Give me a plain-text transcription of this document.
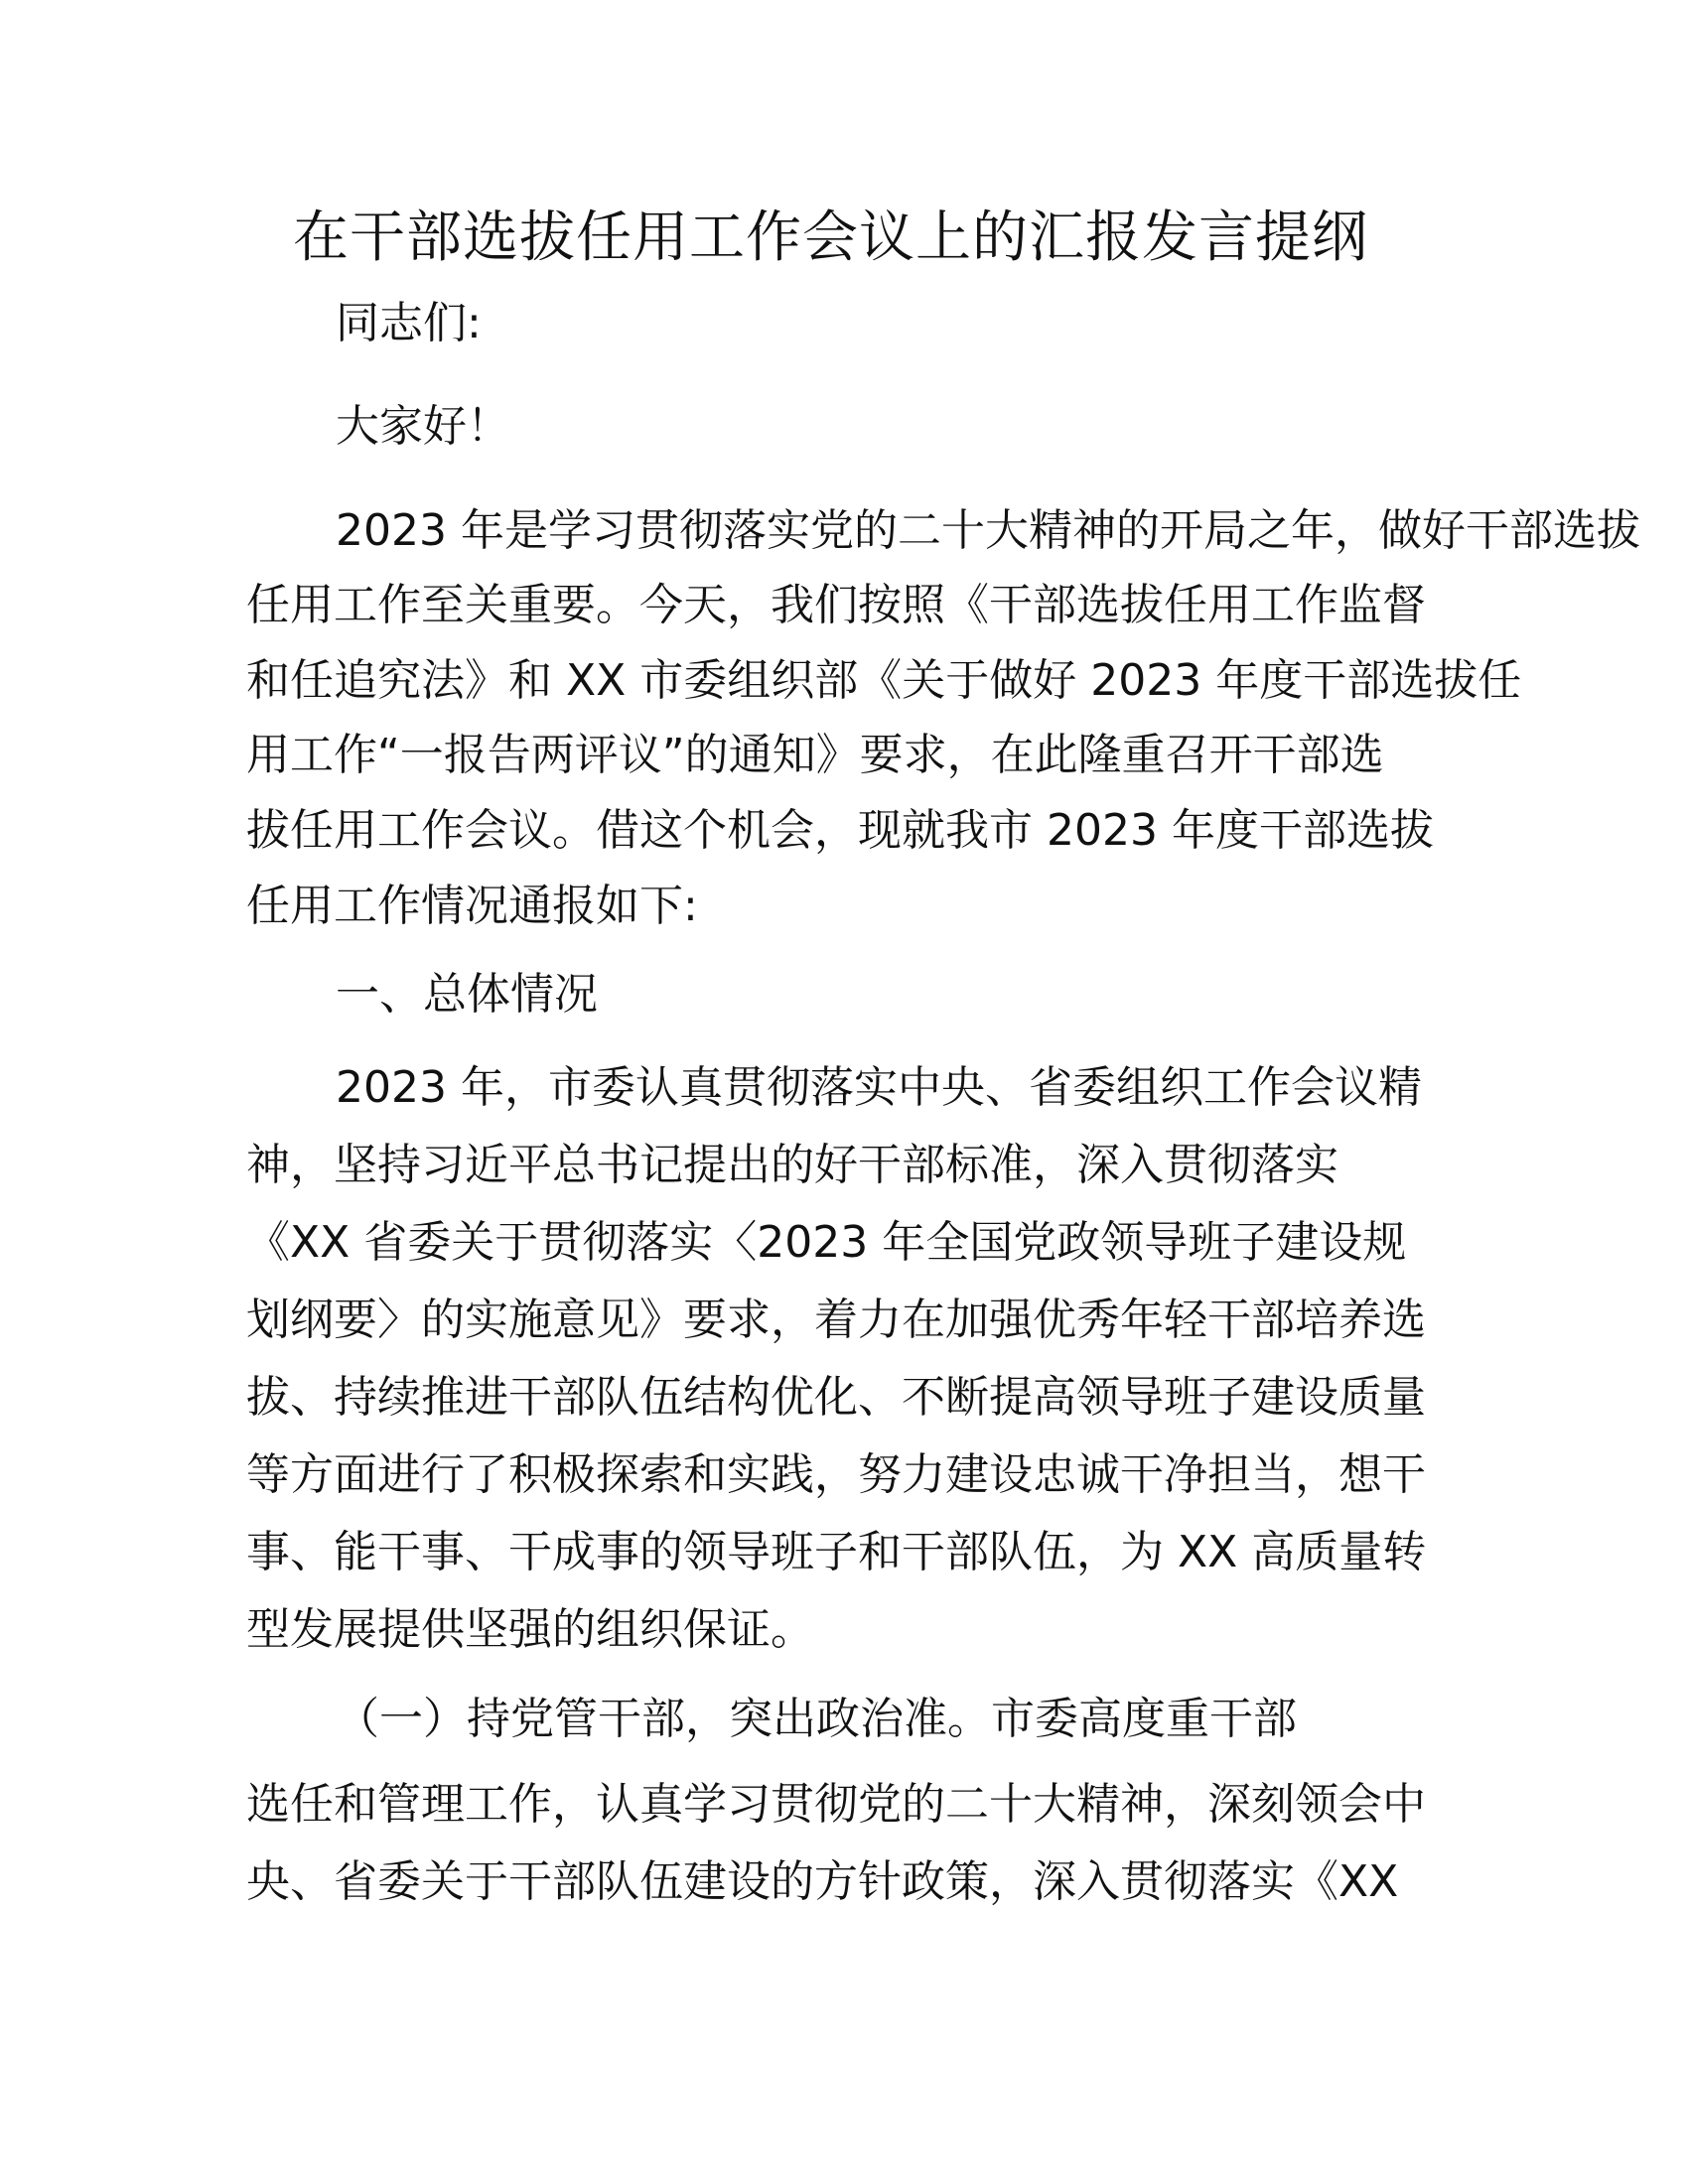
在干部选拔任用工作会议上的汇报发言提纲
同志们:
大家好！
2023 年是学习贯彻落实党的二十大精神的开局之年，做好干部选拔
任用工作至关重要。今天，我们按照《干部选拔任用工作监督
和任追究法》和 XX 市委组织部《关于做好 2023 年度干部选拔任
用工作“一报告两评议”的通知》要求，在此隆重召开干部选
拔任用工作会议。借这个机会，现就我市 2023 年度干部选拔
任用工作情况通报如下:
一、总体情况
2023 年，市委认真贯彻落实中央、省委组织工作会议精
神，坚持习近平总书记提出的好干部标准，深入贯彻落实
《XX 省委关于贯彻落实〈2023 年全国党政领导班子建设规
划纲要〉的实施意见》要求，着力在加强优秀年轻干部培养选
拔、持续推进干部队伍结构优化、不断提高领导班子建设质量
等方面进行了积极探索和实践，努力建设忠诚干净担当，想干
事、能干事、干成事的领导班子和干部队伍，为 XX 高质量转
型发展提供坚强的组织保证。
（一）持党管干部，突出政治准。市委高度重干部
选任和管理工作，认真学习贯彻党的二十大精神，深刻领会中
央、省委关于干部队伍建设的方针政策，深入贯彻落实《XX
